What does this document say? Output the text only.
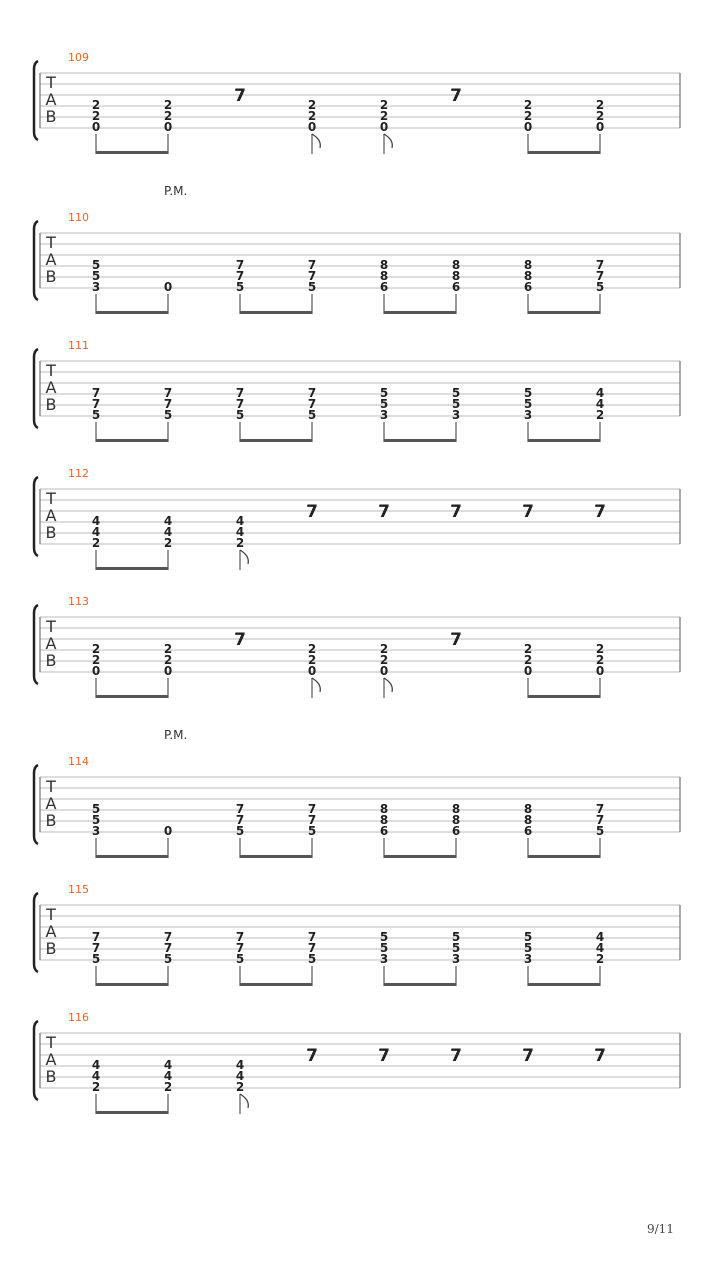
109
T
A
B
2
2
0
2
2
0
7	2
2
0
2
2
0
7	2
2
0
2
2
0
110
P.M.
T
A
B
5
5
3	0
7
7
5
7
7
5
8
8
6
8
8
6
8
8
6
7
7
5
111
T
A
B
7
7
5
7
7
5
7
7
5
7
7
5
5
5
3
5
5
3
5
5
3
4
4
2
112
T
A
B
4
4
2
4
4
2
4
4
2
7	7	7	7	7
113
T
A
B
2
2
0
2
2
0
7	2
2
0
2
2
0
7	2
2
0
2
2
0
114
P.M.
T
A
B
5
5
3	0
7
7
5
7
7
5
8
8
6
8
8
6
8
8
6
7
7
5
115
T
A
B
7
7
5
7
7
5
7
7
5
7
7
5
5
5
3
5
5
3
5
5
3
4
4
2
116
T
A
B
4
4
2
4
4
2
4
4
2
7	7	7	7	7
9/11
